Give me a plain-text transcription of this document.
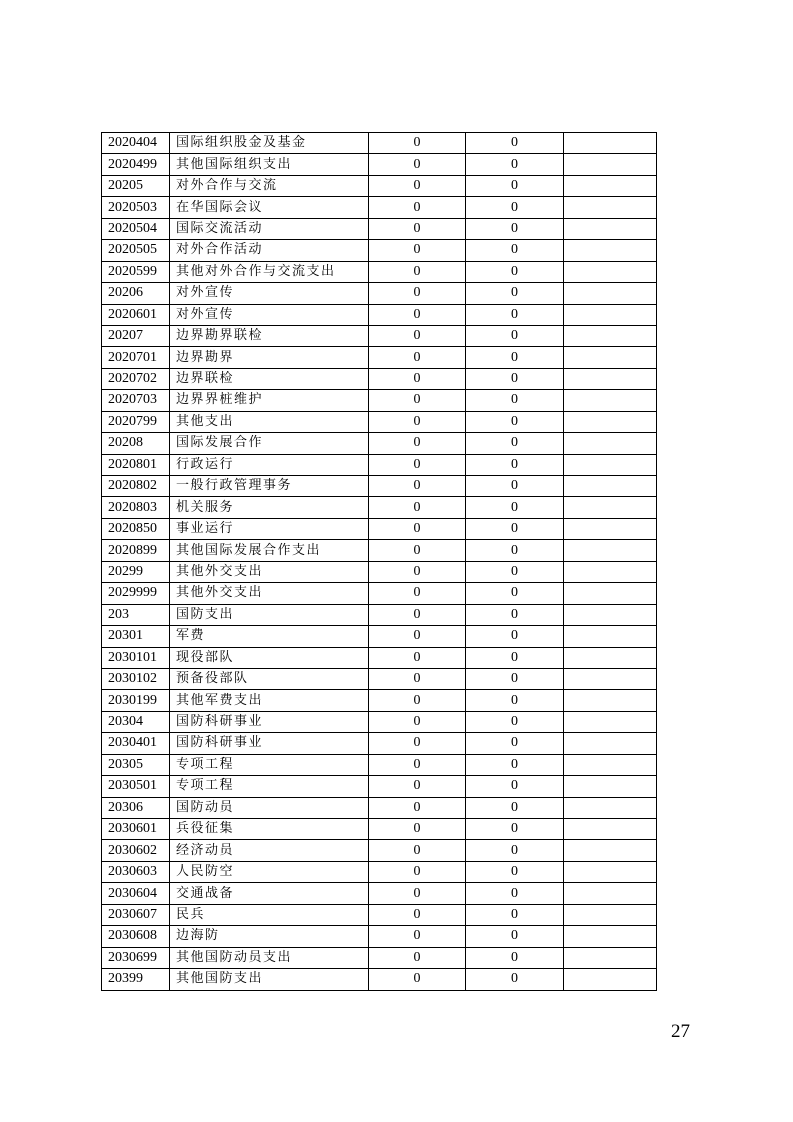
2020404	国际组织股金及基金	0	0	
2020499	其他国际组织支出	0	0	
20205	对外合作与交流	0	0	
2020503	在华国际会议	0	0	
2020504	国际交流活动	0	0	
2020505	对外合作活动	0	0	
2020599	其他对外合作与交流支出	0	0	
20206	对外宣传	0	0	
2020601	对外宣传	0	0	
20207	边界勘界联检	0	0	
2020701	边界勘界	0	0	
2020702	边界联检	0	0	
2020703	边界界桩维护	0	0	
2020799	其他支出	0	0	
20208	国际发展合作	0	0	
2020801	行政运行	0	0	
2020802	一般行政管理事务	0	0	
2020803	机关服务	0	0	
2020850	事业运行	0	0	
2020899	其他国际发展合作支出	0	0	
20299	其他外交支出	0	0	
2029999	其他外交支出	0	0	
203	国防支出	0	0	
20301	军费	0	0	
2030101	现役部队	0	0	
2030102	预备役部队	0	0	
2030199	其他军费支出	0	0	
20304	国防科研事业	0	0	
2030401	国防科研事业	0	0	
20305	专项工程	0	0	
2030501	专项工程	0	0	
20306	国防动员	0	0	
2030601	兵役征集	0	0	
2030602	经济动员	0	0	
2030603	人民防空	0	0	
2030604	交通战备	0	0	
2030607	民兵	0	0	
2030608	边海防	0	0	
2030699	其他国防动员支出	0	0	
20399	其他国防支出	0	0	
27
